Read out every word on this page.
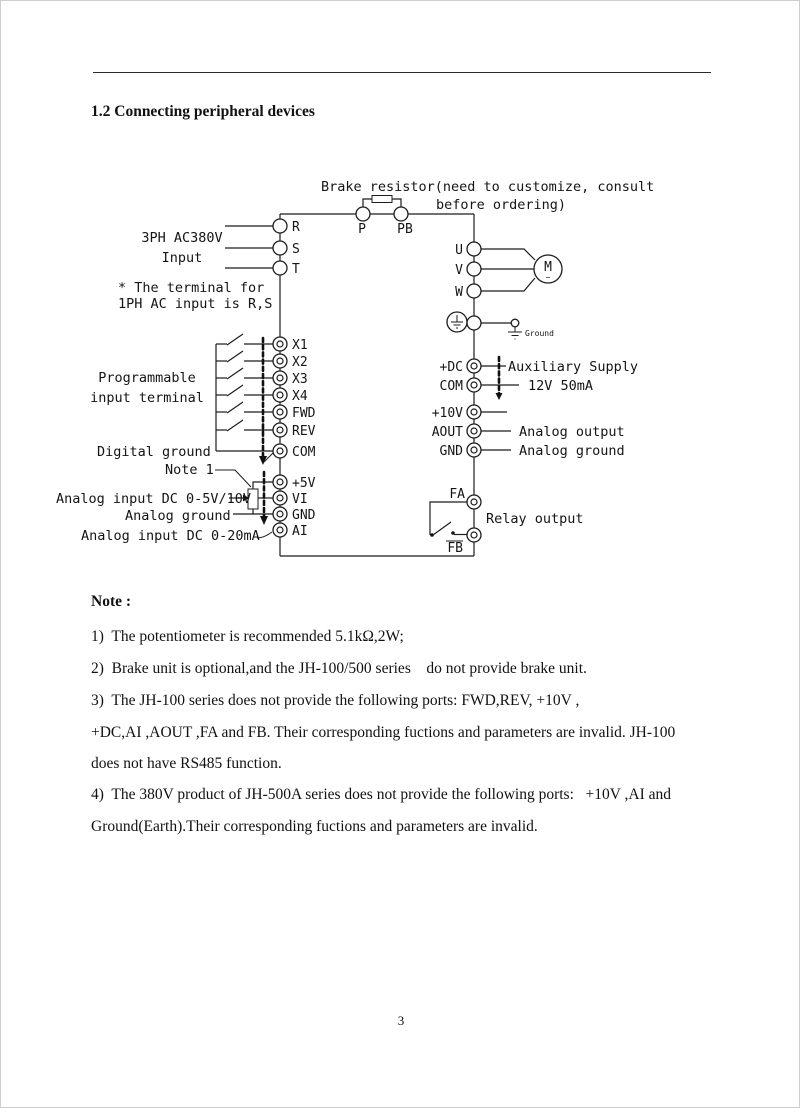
1.2 Connecting peripheral devices
Brake resistor(need to customize, consult
before ordering)
P PB
R
S
T
3PH AC380V
Input
* The terminal for
1PH AC input is R,S
X1
X2
X3
X4
FWD
REV
COM
Programmable
input terminal
Digital ground
Note 1
+5V
VI
GND
AI
Analog input DC 0-5V/10V
Analog ground
Analog input DC 0-20mA
U
V
W
M
~
Ground
+DC
COM
+10V
AOUT
GND
Auxiliary Supply
12V 50mA
Analog output
Analog ground
FA
FB
Relay output
Note :
1)  The potentiometer is recommended 5.1kΩ,2W;
2)  Brake unit is optional,and the JH-100/500 series    do not provide brake unit.
3)  The JH-100 series does not provide the following ports: FWD,REV, +10V ,
+DC,AI ,AOUT ,FA and FB. Their corresponding fuctions and parameters are invalid. JH-100
does not have RS485 function.
4)  The 380V product of JH-500A series does not provide the following ports:   +10V ,AI and
Ground(Earth).Their corresponding fuctions and parameters are invalid.
3
